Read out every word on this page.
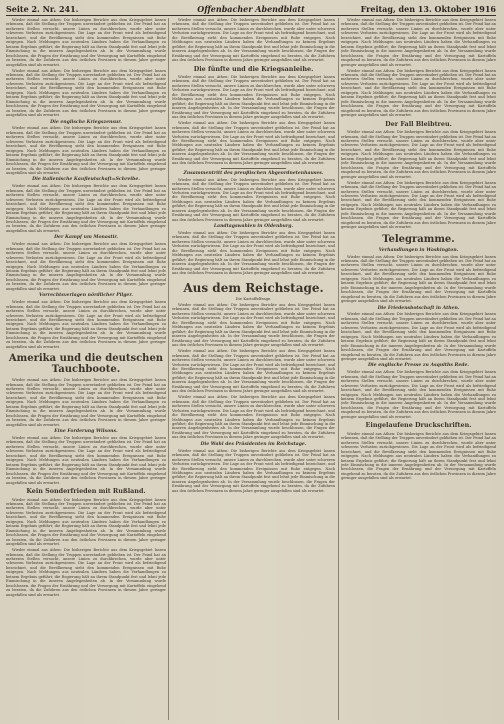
Seite 2. Nr. 241.	Offenbacher Abendblatt	Freitag, den 13. Oktober 1916

Wieder einmal aus Athen: Die bisherigen Berichte aus dem Kriegsgebiet lassen erkennen, daß die Stellung der Truppen unverändert geblieben ist. Der Feind hat an mehreren Stellen versucht, unsere Linien zu durchbrechen, wurde aber unter schweren Verlusten zurückgewiesen. Die Lage an der Front wird als befriedigend bezeichnet, und die Bevölkerung sieht den kommenden Ereignissen mit Ruhe entgegen. Nach Meldungen aus neutralen Ländern haben die Verhandlungen zu keinem Ergebnis geführt; die Regierung hält an ihrem Standpunkt fest und lehnt jede Einmischung in die inneren Angelegenheiten ab. In der Versammlung wurde beschlossen, die Fragen der Ernährung und der Versorgung mit Kartoffeln eingehend zu beraten, da die Zufuhren aus den östlichen Provinzen in diesem Jahre geringer ausgefallen sind als erwartet.

Wieder einmal aus Athen: Die bisherigen Berichte aus dem Kriegsgebiet lassen erkennen, daß die Stellung der Truppen unverändert geblieben ist. Der Feind hat an mehreren Stellen versucht, unsere Linien zu durchbrechen, wurde aber unter schweren Verlusten zurückgewiesen. Die Lage an der Front wird als befriedigend bezeichnet, und die Bevölkerung sieht den kommenden Ereignissen mit Ruhe entgegen. Nach Meldungen aus neutralen Ländern haben die Verhandlungen zu keinem Ergebnis geführt; die Regierung hält an ihrem Standpunkt fest und lehnt jede Einmischung in die inneren Angelegenheiten ab. In der Versammlung wurde beschlossen, die Fragen der Ernährung und der Versorgung mit Kartoffeln eingehend zu beraten, da die Zufuhren aus den östlichen Provinzen in diesem Jahre geringer ausgefallen sind als erwartet.

Die englische Kriegszensur.

Wieder einmal aus Athen: Die bisherigen Berichte aus dem Kriegsgebiet lassen erkennen, daß die Stellung der Truppen unverändert geblieben ist. Der Feind hat an mehreren Stellen versucht, unsere Linien zu durchbrechen, wurde aber unter schweren Verlusten zurückgewiesen. Die Lage an der Front wird als befriedigend bezeichnet, und die Bevölkerung sieht den kommenden Ereignissen mit Ruhe entgegen. Nach Meldungen aus neutralen Ländern haben die Verhandlungen zu keinem Ergebnis geführt; die Regierung hält an ihrem Standpunkt fest und lehnt jede Einmischung in die inneren Angelegenheiten ab. In der Versammlung wurde beschlossen, die Fragen der Ernährung und der Versorgung mit Kartoffeln eingehend zu beraten, da die Zufuhren aus den östlichen Provinzen in diesem Jahre geringer ausgefallen sind als erwartet.

Die italienische Kaufleutschaft=Schreibe.

Wieder einmal aus Athen: Die bisherigen Berichte aus dem Kriegsgebiet lassen erkennen, daß die Stellung der Truppen unverändert geblieben ist. Der Feind hat an mehreren Stellen versucht, unsere Linien zu durchbrechen, wurde aber unter schweren Verlusten zurückgewiesen. Die Lage an der Front wird als befriedigend bezeichnet, und die Bevölkerung sieht den kommenden Ereignissen mit Ruhe entgegen. Nach Meldungen aus neutralen Ländern haben die Verhandlungen zu keinem Ergebnis geführt; die Regierung hält an ihrem Standpunkt fest und lehnt jede Einmischung in die inneren Angelegenheiten ab. In der Versammlung wurde beschlossen, die Fragen der Ernährung und der Versorgung mit Kartoffeln eingehend zu beraten, da die Zufuhren aus den östlichen Provinzen in diesem Jahre geringer ausgefallen sind als erwartet.

Der Kampf um Monastir.

Wieder einmal aus Athen: Die bisherigen Berichte aus dem Kriegsgebiet lassen erkennen, daß die Stellung der Truppen unverändert geblieben ist. Der Feind hat an mehreren Stellen versucht, unsere Linien zu durchbrechen, wurde aber unter schweren Verlusten zurückgewiesen. Die Lage an der Front wird als befriedigend bezeichnet, und die Bevölkerung sieht den kommenden Ereignissen mit Ruhe entgegen. Nach Meldungen aus neutralen Ländern haben die Verhandlungen zu keinem Ergebnis geführt; die Regierung hält an ihrem Standpunkt fest und lehnt jede Einmischung in die inneren Angelegenheiten ab. In der Versammlung wurde beschlossen, die Fragen der Ernährung und der Versorgung mit Kartoffeln eingehend zu beraten, da die Zufuhren aus den östlichen Provinzen in diesem Jahre geringer ausgefallen sind als erwartet.

Vorrechtsverlagen nördlicher Pilger.

Wieder einmal aus Athen: Die bisherigen Berichte aus dem Kriegsgebiet lassen erkennen, daß die Stellung der Truppen unverändert geblieben ist. Der Feind hat an mehreren Stellen versucht, unsere Linien zu durchbrechen, wurde aber unter schweren Verlusten zurückgewiesen. Die Lage an der Front wird als befriedigend bezeichnet, und die Bevölkerung sieht den kommenden Ereignissen mit Ruhe entgegen. Nach Meldungen aus neutralen Ländern haben die Verhandlungen zu keinem Ergebnis geführt; die Regierung hält an ihrem Standpunkt fest und lehnt jede Einmischung in die inneren Angelegenheiten ab. In der Versammlung wurde beschlossen, die Fragen der Ernährung und der Versorgung mit Kartoffeln eingehend zu beraten, da die Zufuhren aus den östlichen Provinzen in diesem Jahre geringer ausgefallen sind als erwartet.

Amerika und die deutschen Tauchboote.

Wieder einmal aus Athen: Die bisherigen Berichte aus dem Kriegsgebiet lassen erkennen, daß die Stellung der Truppen unverändert geblieben ist. Der Feind hat an mehreren Stellen versucht, unsere Linien zu durchbrechen, wurde aber unter schweren Verlusten zurückgewiesen. Die Lage an der Front wird als befriedigend bezeichnet, und die Bevölkerung sieht den kommenden Ereignissen mit Ruhe entgegen. Nach Meldungen aus neutralen Ländern haben die Verhandlungen zu keinem Ergebnis geführt; die Regierung hält an ihrem Standpunkt fest und lehnt jede Einmischung in die inneren Angelegenheiten ab. In der Versammlung wurde beschlossen, die Fragen der Ernährung und der Versorgung mit Kartoffeln eingehend zu beraten, da die Zufuhren aus den östlichen Provinzen in diesem Jahre geringer ausgefallen sind als erwartet.

Eine Forderung Wilsons.

Wieder einmal aus Athen: Die bisherigen Berichte aus dem Kriegsgebiet lassen erkennen, daß die Stellung der Truppen unverändert geblieben ist. Der Feind hat an mehreren Stellen versucht, unsere Linien zu durchbrechen, wurde aber unter schweren Verlusten zurückgewiesen. Die Lage an der Front wird als befriedigend bezeichnet, und die Bevölkerung sieht den kommenden Ereignissen mit Ruhe entgegen. Nach Meldungen aus neutralen Ländern haben die Verhandlungen zu keinem Ergebnis geführt; die Regierung hält an ihrem Standpunkt fest und lehnt jede Einmischung in die inneren Angelegenheiten ab. In der Versammlung wurde beschlossen, die Fragen der Ernährung und der Versorgung mit Kartoffeln eingehend zu beraten, da die Zufuhren aus den östlichen Provinzen in diesem Jahre geringer ausgefallen sind als erwartet.

Kein Sonderfrieden mit Rußland.

Wieder einmal aus Athen: Die bisherigen Berichte aus dem Kriegsgebiet lassen erkennen, daß die Stellung der Truppen unverändert geblieben ist. Der Feind hat an mehreren Stellen versucht, unsere Linien zu durchbrechen, wurde aber unter schweren Verlusten zurückgewiesen. Die Lage an der Front wird als befriedigend bezeichnet, und die Bevölkerung sieht den kommenden Ereignissen mit Ruhe entgegen. Nach Meldungen aus neutralen Ländern haben die Verhandlungen zu keinem Ergebnis geführt; die Regierung hält an ihrem Standpunkt fest und lehnt jede Einmischung in die inneren Angelegenheiten ab. In der Versammlung wurde beschlossen, die Fragen der Ernährung und der Versorgung mit Kartoffeln eingehend zu beraten, da die Zufuhren aus den östlichen Provinzen in diesem Jahre geringer ausgefallen sind als erwartet.

Wieder einmal aus Athen: Die bisherigen Berichte aus dem Kriegsgebiet lassen erkennen, daß die Stellung der Truppen unverändert geblieben ist. Der Feind hat an mehreren Stellen versucht, unsere Linien zu durchbrechen, wurde aber unter schweren Verlusten zurückgewiesen. Die Lage an der Front wird als befriedigend bezeichnet, und die Bevölkerung sieht den kommenden Ereignissen mit Ruhe entgegen. Nach Meldungen aus neutralen Ländern haben die Verhandlungen zu keinem Ergebnis geführt; die Regierung hält an ihrem Standpunkt fest und lehnt jede Einmischung in die inneren Angelegenheiten ab. In der Versammlung wurde beschlossen, die Fragen der Ernährung und der Versorgung mit Kartoffeln eingehend zu beraten, da die Zufuhren aus den östlichen Provinzen in diesem Jahre geringer ausgefallen sind als erwartet.

Wieder einmal aus Athen: Die bisherigen Berichte aus dem Kriegsgebiet lassen erkennen, daß die Stellung der Truppen unverändert geblieben ist. Der Feind hat an mehreren Stellen versucht, unsere Linien zu durchbrechen, wurde aber unter schweren Verlusten zurückgewiesen. Die Lage an der Front wird als befriedigend bezeichnet, und die Bevölkerung sieht den kommenden Ereignissen mit Ruhe entgegen. Nach Meldungen aus neutralen Ländern haben die Verhandlungen zu keinem Ergebnis geführt; die Regierung hält an ihrem Standpunkt fest und lehnt jede Einmischung in die inneren Angelegenheiten ab. In der Versammlung wurde beschlossen, die Fragen der Ernährung und der Versorgung mit Kartoffeln eingehend zu beraten, da die Zufuhren aus den östlichen Provinzen in diesem Jahre geringer ausgefallen sind als erwartet.

Die fünfte und die Kriegsanleihe.

Wieder einmal aus Athen: Die bisherigen Berichte aus dem Kriegsgebiet lassen erkennen, daß die Stellung der Truppen unverändert geblieben ist. Der Feind hat an mehreren Stellen versucht, unsere Linien zu durchbrechen, wurde aber unter schweren Verlusten zurückgewiesen. Die Lage an der Front wird als befriedigend bezeichnet, und die Bevölkerung sieht den kommenden Ereignissen mit Ruhe entgegen. Nach Meldungen aus neutralen Ländern haben die Verhandlungen zu keinem Ergebnis geführt; die Regierung hält an ihrem Standpunkt fest und lehnt jede Einmischung in die inneren Angelegenheiten ab. In der Versammlung wurde beschlossen, die Fragen der Ernährung und der Versorgung mit Kartoffeln eingehend zu beraten, da die Zufuhren aus den östlichen Provinzen in diesem Jahre geringer ausgefallen sind als erwartet.

Wieder einmal aus Athen: Die bisherigen Berichte aus dem Kriegsgebiet lassen erkennen, daß die Stellung der Truppen unverändert geblieben ist. Der Feind hat an mehreren Stellen versucht, unsere Linien zu durchbrechen, wurde aber unter schweren Verlusten zurückgewiesen. Die Lage an der Front wird als befriedigend bezeichnet, und die Bevölkerung sieht den kommenden Ereignissen mit Ruhe entgegen. Nach Meldungen aus neutralen Ländern haben die Verhandlungen zu keinem Ergebnis geführt; die Regierung hält an ihrem Standpunkt fest und lehnt jede Einmischung in die inneren Angelegenheiten ab. In der Versammlung wurde beschlossen, die Fragen der Ernährung und der Versorgung mit Kartoffeln eingehend zu beraten, da die Zufuhren aus den östlichen Provinzen in diesem Jahre geringer ausgefallen sind als erwartet.

Zusammentritt des preußischen Abgeordnetenhauses.

Wieder einmal aus Athen: Die bisherigen Berichte aus dem Kriegsgebiet lassen erkennen, daß die Stellung der Truppen unverändert geblieben ist. Der Feind hat an mehreren Stellen versucht, unsere Linien zu durchbrechen, wurde aber unter schweren Verlusten zurückgewiesen. Die Lage an der Front wird als befriedigend bezeichnet, und die Bevölkerung sieht den kommenden Ereignissen mit Ruhe entgegen. Nach Meldungen aus neutralen Ländern haben die Verhandlungen zu keinem Ergebnis geführt; die Regierung hält an ihrem Standpunkt fest und lehnt jede Einmischung in die inneren Angelegenheiten ab. In der Versammlung wurde beschlossen, die Fragen der Ernährung und der Versorgung mit Kartoffeln eingehend zu beraten, da die Zufuhren aus den östlichen Provinzen in diesem Jahre geringer ausgefallen sind als erwartet.

Landtagswahlen in Oldenburg.

Wieder einmal aus Athen: Die bisherigen Berichte aus dem Kriegsgebiet lassen erkennen, daß die Stellung der Truppen unverändert geblieben ist. Der Feind hat an mehreren Stellen versucht, unsere Linien zu durchbrechen, wurde aber unter schweren Verlusten zurückgewiesen. Die Lage an der Front wird als befriedigend bezeichnet, und die Bevölkerung sieht den kommenden Ereignissen mit Ruhe entgegen. Nach Meldungen aus neutralen Ländern haben die Verhandlungen zu keinem Ergebnis geführt; die Regierung hält an ihrem Standpunkt fest und lehnt jede Einmischung in die inneren Angelegenheiten ab. In der Versammlung wurde beschlossen, die Fragen der Ernährung und der Versorgung mit Kartoffeln eingehend zu beraten, da die Zufuhren aus den östlichen Provinzen in diesem Jahre geringer ausgefallen sind als erwartet.

Aus dem Reichstage.
Die Kartoffelfrage.

Wieder einmal aus Athen: Die bisherigen Berichte aus dem Kriegsgebiet lassen erkennen, daß die Stellung der Truppen unverändert geblieben ist. Der Feind hat an mehreren Stellen versucht, unsere Linien zu durchbrechen, wurde aber unter schweren Verlusten zurückgewiesen. Die Lage an der Front wird als befriedigend bezeichnet, und die Bevölkerung sieht den kommenden Ereignissen mit Ruhe entgegen. Nach Meldungen aus neutralen Ländern haben die Verhandlungen zu keinem Ergebnis geführt; die Regierung hält an ihrem Standpunkt fest und lehnt jede Einmischung in die inneren Angelegenheiten ab. In der Versammlung wurde beschlossen, die Fragen der Ernährung und der Versorgung mit Kartoffeln eingehend zu beraten, da die Zufuhren aus den östlichen Provinzen in diesem Jahre geringer ausgefallen sind als erwartet.

Wieder einmal aus Athen: Die bisherigen Berichte aus dem Kriegsgebiet lassen erkennen, daß die Stellung der Truppen unverändert geblieben ist. Der Feind hat an mehreren Stellen versucht, unsere Linien zu durchbrechen, wurde aber unter schweren Verlusten zurückgewiesen. Die Lage an der Front wird als befriedigend bezeichnet, und die Bevölkerung sieht den kommenden Ereignissen mit Ruhe entgegen. Nach Meldungen aus neutralen Ländern haben die Verhandlungen zu keinem Ergebnis geführt; die Regierung hält an ihrem Standpunkt fest und lehnt jede Einmischung in die inneren Angelegenheiten ab. In der Versammlung wurde beschlossen, die Fragen der Ernährung und der Versorgung mit Kartoffeln eingehend zu beraten, da die Zufuhren aus den östlichen Provinzen in diesem Jahre geringer ausgefallen sind als erwartet.

Wieder einmal aus Athen: Die bisherigen Berichte aus dem Kriegsgebiet lassen erkennen, daß die Stellung der Truppen unverändert geblieben ist. Der Feind hat an mehreren Stellen versucht, unsere Linien zu durchbrechen, wurde aber unter schweren Verlusten zurückgewiesen. Die Lage an der Front wird als befriedigend bezeichnet, und die Bevölkerung sieht den kommenden Ereignissen mit Ruhe entgegen. Nach Meldungen aus neutralen Ländern haben die Verhandlungen zu keinem Ergebnis geführt; die Regierung hält an ihrem Standpunkt fest und lehnt jede Einmischung in die inneren Angelegenheiten ab. In der Versammlung wurde beschlossen, die Fragen der Ernährung und der Versorgung mit Kartoffeln eingehend zu beraten, da die Zufuhren aus den östlichen Provinzen in diesem Jahre geringer ausgefallen sind als erwartet.

Die Wahl des Präsidenten im Reichstage.

Wieder einmal aus Athen: Die bisherigen Berichte aus dem Kriegsgebiet lassen erkennen, daß die Stellung der Truppen unverändert geblieben ist. Der Feind hat an mehreren Stellen versucht, unsere Linien zu durchbrechen, wurde aber unter schweren Verlusten zurückgewiesen. Die Lage an der Front wird als befriedigend bezeichnet, und die Bevölkerung sieht den kommenden Ereignissen mit Ruhe entgegen. Nach Meldungen aus neutralen Ländern haben die Verhandlungen zu keinem Ergebnis geführt; die Regierung hält an ihrem Standpunkt fest und lehnt jede Einmischung in die inneren Angelegenheiten ab. In der Versammlung wurde beschlossen, die Fragen der Ernährung und der Versorgung mit Kartoffeln eingehend zu beraten, da die Zufuhren aus den östlichen Provinzen in diesem Jahre geringer ausgefallen sind als erwartet.

Wieder einmal aus Athen: Die bisherigen Berichte aus dem Kriegsgebiet lassen erkennen, daß die Stellung der Truppen unverändert geblieben ist. Der Feind hat an mehreren Stellen versucht, unsere Linien zu durchbrechen, wurde aber unter schweren Verlusten zurückgewiesen. Die Lage an der Front wird als befriedigend bezeichnet, und die Bevölkerung sieht den kommenden Ereignissen mit Ruhe entgegen. Nach Meldungen aus neutralen Ländern haben die Verhandlungen zu keinem Ergebnis geführt; die Regierung hält an ihrem Standpunkt fest und lehnt jede Einmischung in die inneren Angelegenheiten ab. In der Versammlung wurde beschlossen, die Fragen der Ernährung und der Versorgung mit Kartoffeln eingehend zu beraten, da die Zufuhren aus den östlichen Provinzen in diesem Jahre geringer ausgefallen sind als erwartet.

Wieder einmal aus Athen: Die bisherigen Berichte aus dem Kriegsgebiet lassen erkennen, daß die Stellung der Truppen unverändert geblieben ist. Der Feind hat an mehreren Stellen versucht, unsere Linien zu durchbrechen, wurde aber unter schweren Verlusten zurückgewiesen. Die Lage an der Front wird als befriedigend bezeichnet, und die Bevölkerung sieht den kommenden Ereignissen mit Ruhe entgegen. Nach Meldungen aus neutralen Ländern haben die Verhandlungen zu keinem Ergebnis geführt; die Regierung hält an ihrem Standpunkt fest und lehnt jede Einmischung in die inneren Angelegenheiten ab. In der Versammlung wurde beschlossen, die Fragen der Ernährung und der Versorgung mit Kartoffeln eingehend zu beraten, da die Zufuhren aus den östlichen Provinzen in diesem Jahre geringer ausgefallen sind als erwartet.

Der Fall Bleibtreu.

Wieder einmal aus Athen: Die bisherigen Berichte aus dem Kriegsgebiet lassen erkennen, daß die Stellung der Truppen unverändert geblieben ist. Der Feind hat an mehreren Stellen versucht, unsere Linien zu durchbrechen, wurde aber unter schweren Verlusten zurückgewiesen. Die Lage an der Front wird als befriedigend bezeichnet, und die Bevölkerung sieht den kommenden Ereignissen mit Ruhe entgegen. Nach Meldungen aus neutralen Ländern haben die Verhandlungen zu keinem Ergebnis geführt; die Regierung hält an ihrem Standpunkt fest und lehnt jede Einmischung in die inneren Angelegenheiten ab. In der Versammlung wurde beschlossen, die Fragen der Ernährung und der Versorgung mit Kartoffeln eingehend zu beraten, da die Zufuhren aus den östlichen Provinzen in diesem Jahre geringer ausgefallen sind als erwartet.

Wieder einmal aus Athen: Die bisherigen Berichte aus dem Kriegsgebiet lassen erkennen, daß die Stellung der Truppen unverändert geblieben ist. Der Feind hat an mehreren Stellen versucht, unsere Linien zu durchbrechen, wurde aber unter schweren Verlusten zurückgewiesen. Die Lage an der Front wird als befriedigend bezeichnet, und die Bevölkerung sieht den kommenden Ereignissen mit Ruhe entgegen. Nach Meldungen aus neutralen Ländern haben die Verhandlungen zu keinem Ergebnis geführt; die Regierung hält an ihrem Standpunkt fest und lehnt jede Einmischung in die inneren Angelegenheiten ab. In der Versammlung wurde beschlossen, die Fragen der Ernährung und der Versorgung mit Kartoffeln eingehend zu beraten, da die Zufuhren aus den östlichen Provinzen in diesem Jahre geringer ausgefallen sind als erwartet.

Telegramme.
Verhandlungen in Washington.

Wieder einmal aus Athen: Die bisherigen Berichte aus dem Kriegsgebiet lassen erkennen, daß die Stellung der Truppen unverändert geblieben ist. Der Feind hat an mehreren Stellen versucht, unsere Linien zu durchbrechen, wurde aber unter schweren Verlusten zurückgewiesen. Die Lage an der Front wird als befriedigend bezeichnet, und die Bevölkerung sieht den kommenden Ereignissen mit Ruhe entgegen. Nach Meldungen aus neutralen Ländern haben die Verhandlungen zu keinem Ergebnis geführt; die Regierung hält an ihrem Standpunkt fest und lehnt jede Einmischung in die inneren Angelegenheiten ab. In der Versammlung wurde beschlossen, die Fragen der Ernährung und der Versorgung mit Kartoffeln eingehend zu beraten, da die Zufuhren aus den östlichen Provinzen in diesem Jahre geringer ausgefallen sind als erwartet.

Die Friedensbotschaft in Athen.

Wieder einmal aus Athen: Die bisherigen Berichte aus dem Kriegsgebiet lassen erkennen, daß die Stellung der Truppen unverändert geblieben ist. Der Feind hat an mehreren Stellen versucht, unsere Linien zu durchbrechen, wurde aber unter schweren Verlusten zurückgewiesen. Die Lage an der Front wird als befriedigend bezeichnet, und die Bevölkerung sieht den kommenden Ereignissen mit Ruhe entgegen. Nach Meldungen aus neutralen Ländern haben die Verhandlungen zu keinem Ergebnis geführt; die Regierung hält an ihrem Standpunkt fest und lehnt jede Einmischung in die inneren Angelegenheiten ab. In der Versammlung wurde beschlossen, die Fragen der Ernährung und der Versorgung mit Kartoffeln eingehend zu beraten, da die Zufuhren aus den östlichen Provinzen in diesem Jahre geringer ausgefallen sind als erwartet.

Die englische Presse zu Asquiths Rede.

Wieder einmal aus Athen: Die bisherigen Berichte aus dem Kriegsgebiet lassen erkennen, daß die Stellung der Truppen unverändert geblieben ist. Der Feind hat an mehreren Stellen versucht, unsere Linien zu durchbrechen, wurde aber unter schweren Verlusten zurückgewiesen. Die Lage an der Front wird als befriedigend bezeichnet, und die Bevölkerung sieht den kommenden Ereignissen mit Ruhe entgegen. Nach Meldungen aus neutralen Ländern haben die Verhandlungen zu keinem Ergebnis geführt; die Regierung hält an ihrem Standpunkt fest und lehnt jede Einmischung in die inneren Angelegenheiten ab. In der Versammlung wurde beschlossen, die Fragen der Ernährung und der Versorgung mit Kartoffeln eingehend zu beraten, da die Zufuhren aus den östlichen Provinzen in diesem Jahre geringer ausgefallen sind als erwartet.

Eingelaufene Druckschriften.

Wieder einmal aus Athen: Die bisherigen Berichte aus dem Kriegsgebiet lassen erkennen, daß die Stellung der Truppen unverändert geblieben ist. Der Feind hat an mehreren Stellen versucht, unsere Linien zu durchbrechen, wurde aber unter schweren Verlusten zurückgewiesen. Die Lage an der Front wird als befriedigend bezeichnet, und die Bevölkerung sieht den kommenden Ereignissen mit Ruhe entgegen. Nach Meldungen aus neutralen Ländern haben die Verhandlungen zu keinem Ergebnis geführt; die Regierung hält an ihrem Standpunkt fest und lehnt jede Einmischung in die inneren Angelegenheiten ab. In der Versammlung wurde beschlossen, die Fragen der Ernährung und der Versorgung mit Kartoffeln eingehend zu beraten, da die Zufuhren aus den östlichen Provinzen in diesem Jahre geringer ausgefallen sind als erwartet.
